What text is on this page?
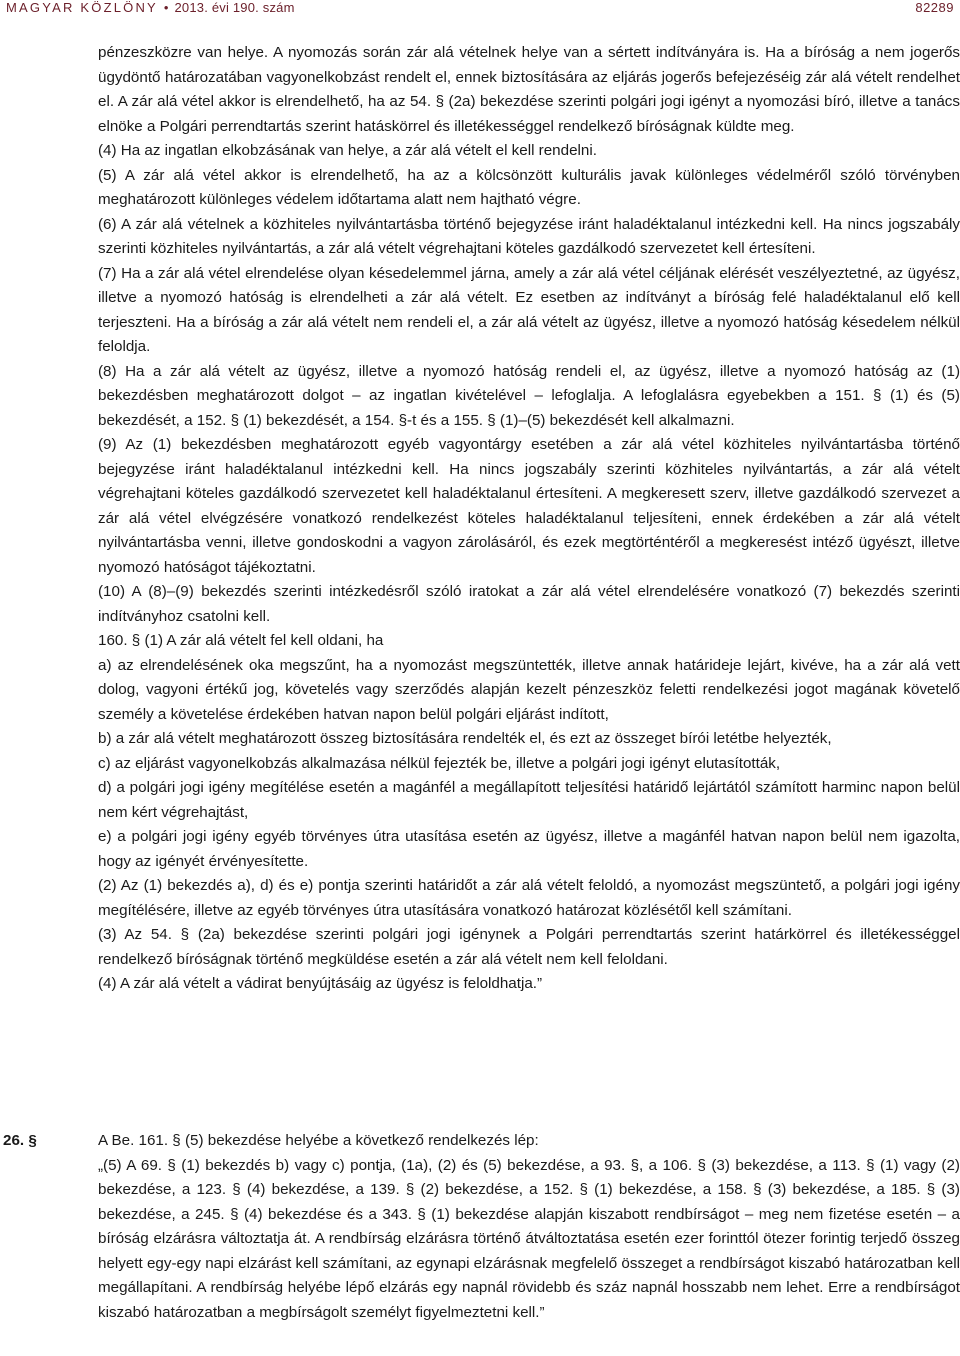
MAGYAR KÖZLÖNY • 2013. évi 190. szám	82289

pénzeszközre van helye. A nyomozás során zár alá vételnek helye van a sértett indítványára is. Ha a bíróság a nem jogerős ügydöntő határozatában vagyonelkobzást rendelt el, ennek biztosítására az eljárás jogerős befejezéséig zár alá vételt rendelhet el. A zár alá vétel akkor is elrendelhető, ha az 54. § (2a) bekezdése szerinti polgári jogi igényt a nyomozási bíró, illetve a tanács elnöke a Polgári perrendtartás szerint hatáskörrel és illetékességgel rendelkező bíróságnak küldte meg.

(4) Ha az ingatlan elkobzásának van helye, a zár alá vételt el kell rendelni.

(5) A zár alá vétel akkor is elrendelhető, ha az a kölcsönzött kulturális javak különleges védelméről szóló törvényben meghatározott különleges védelem időtartama alatt nem hajtható végre.

(6) A zár alá vételnek a közhiteles nyilvántartásba történő bejegyzése iránt haladéktalanul intézkedni kell. Ha nincs jogszabály szerinti közhiteles nyilvántartás, a zár alá vételt végrehajtani köteles gazdálkodó szervezetet kell értesíteni.

(7) Ha a zár alá vétel elrendelése olyan késedelemmel járna, amely a zár alá vétel céljának elérését veszélyeztetné, az ügyész, illetve a nyomozó hatóság is elrendelheti a zár alá vételt. Ez esetben az indítványt a bíróság felé haladéktalanul elő kell terjeszteni. Ha a bíróság a zár alá vételt nem rendeli el, a zár alá vételt az ügyész, illetve a nyomozó hatóság késedelem nélkül feloldja.

(8) Ha a zár alá vételt az ügyész, illetve a nyomozó hatóság rendeli el, az ügyész, illetve a nyomozó hatóság az (1) bekezdésben meghatározott dolgot – az ingatlan kivételével – lefoglalja. A lefoglalásra egyebekben a 151. § (1) és (5) bekezdését, a 152. § (1) bekezdését, a 154. §-t és a 155. § (1)–(5) bekezdését kell alkalmazni.

(9) Az (1) bekezdésben meghatározott egyéb vagyontárgy esetében a zár alá vétel közhiteles nyilvántartásba történő bejegyzése iránt haladéktalanul intézkedni kell. Ha nincs jogszabály szerinti közhiteles nyilvántartás, a zár alá vételt végrehajtani köteles gazdálkodó szervezetet kell haladéktalanul értesíteni. A megkeresett szerv, illetve gazdálkodó szervezet a zár alá vétel elvégzésére vonatkozó rendelkezést köteles haladéktalanul teljesíteni, ennek érdekében a zár alá vételt nyilvántartásba venni, illetve gondoskodni a vagyon zárolásáról, és ezek megtörténtéről a megkeresést intéző ügyészt, illetve nyomozó hatóságot tájékoztatni.

(10) A (8)–(9) bekezdés szerinti intézkedésről szóló iratokat a zár alá vétel elrendelésére vonatkozó (7) bekezdés szerinti indítványhoz csatolni kell.

160. § (1) A zár alá vételt fel kell oldani, ha

a) az elrendelésének oka megszűnt, ha a nyomozást megszüntették, illetve annak határideje lejárt, kivéve, ha a zár alá vett dolog, vagyoni értékű jog, követelés vagy szerződés alapján kezelt pénzeszköz feletti rendelkezési jogot magának követelő személy a követelése érdekében hatvan napon belül polgári eljárást indított,

b) a zár alá vételt meghatározott összeg biztosítására rendelték el, és ezt az összeget bírói letétbe helyezték,

c) az eljárást vagyonelkobzás alkalmazása nélkül fejezték be, illetve a polgári jogi igényt elutasították,

d) a polgári jogi igény megítélése esetén a magánfél a megállapított teljesítési határidő lejártától számított harminc napon belül nem kért végrehajtást,

e) a polgári jogi igény egyéb törvényes útra utasítása esetén az ügyész, illetve a magánfél hatvan napon belül nem igazolta, hogy az igényét érvényesítette.

(2) Az (1) bekezdés a), d) és e) pontja szerinti határidőt a zár alá vételt feloldó, a nyomozást megszüntető, a polgári jogi igény megítélésére, illetve az egyéb törvényes útra utasítására vonatkozó határozat közlésétől kell számítani.

(3) Az 54. § (2a) bekezdése szerinti polgári jogi igénynek a Polgári perrendtartás szerint határkörrel és illetékességgel rendelkező bíróságnak történő megküldése esetén a zár alá vételt nem kell feloldani.

(4) A zár alá vételt a vádirat benyújtásáig az ügyész is feloldhatja.”

26. §	A Be. 161. § (5) bekezdése helyébe a következő rendelkezés lép:

„(5) A 69. § (1) bekezdés b) vagy c) pontja, (1a), (2) és (5) bekezdése, a 93. §, a 106. § (3) bekezdése, a 113. § (1) vagy (2) bekezdése, a 123. § (4) bekezdése, a 139. § (2) bekezdése, a 152. § (1) bekezdése, a 158. § (3) bekezdése, a 185. § (3) bekezdése, a 245. § (4) bekezdése és a 343. § (1) bekezdése alapján kiszabott rendbírságot – meg nem fizetése esetén – a bíróság elzárásra változtatja át. A rendbírság elzárásra történő átváltoztatása esetén ezer forinttól ötezer forintig terjedő összeg helyett egy-egy napi elzárást kell számítani, az egynapi elzárásnak megfelelő összeget a rendbírságot kiszabó határozatban kell megállapítani. A rendbírság helyébe lépő elzárás egy napnál rövidebb és száz napnál hosszabb nem lehet. Erre a rendbírságot kiszabó határozatban a megbírságolt személyt figyelmeztetni kell.”
